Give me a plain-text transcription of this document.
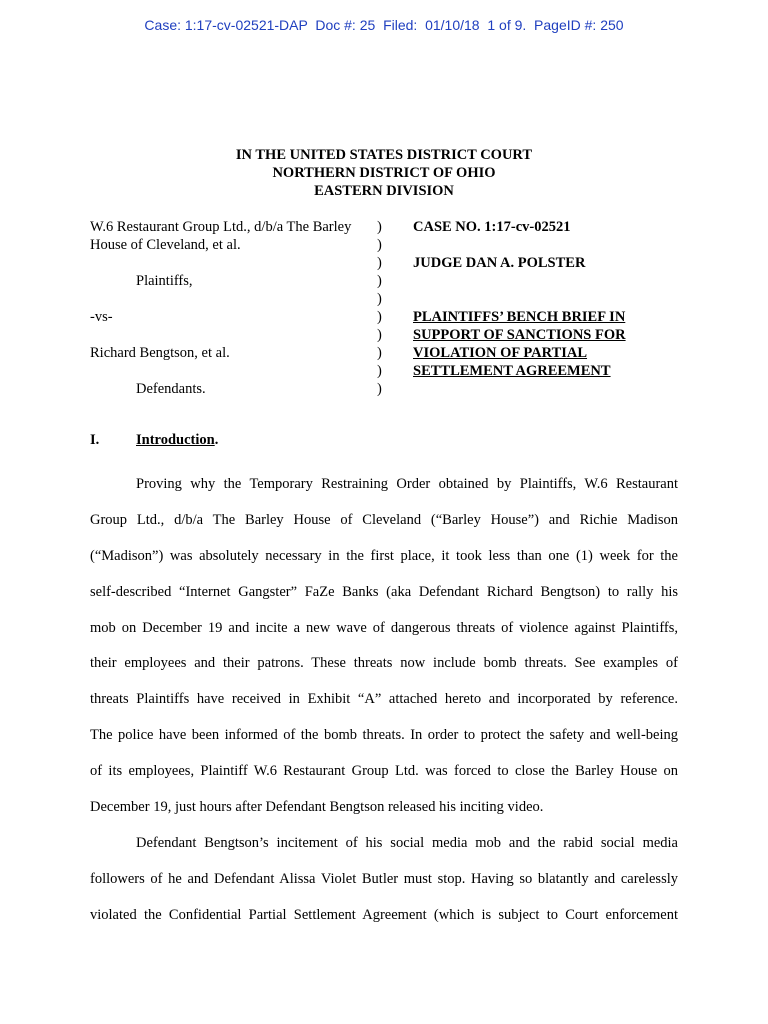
Case: 1:17-cv-02521-DAP  Doc #: 25  Filed:  01/10/18  1 of 9.  PageID #: 250
IN THE UNITED STATES DISTRICT COURT
NORTHERN DISTRICT OF OHIO
EASTERN DIVISION
W.6 Restaurant Group Ltd., d/b/a The Barley
House of Cleveland, et al.
Plaintiffs,
-vs-
Richard Bengtson, et al.
Defendants.
)
)
)
)
)
)
)
)
)
)
CASE NO. 1:17-cv-02521
JUDGE DAN A. POLSTER
PLAINTIFFS’ BENCH BRIEF IN
SUPPORT OF SANCTIONS FOR
VIOLATION OF PARTIAL
SETTLEMENT AGREEMENT
I.	Introduction.
Proving why the Temporary Restraining Order obtained by Plaintiffs, W.6 Restaurant
Group Ltd., d/b/a The Barley House of Cleveland (“Barley House”) and Richie Madison
(“Madison”) was absolutely necessary in the first place, it took less than one (1) week for the
self-described “Internet Gangster” FaZe Banks (aka Defendant Richard Bengtson) to rally his
mob on December 19 and incite a new wave of dangerous threats of violence against Plaintiffs,
their employees and their patrons. These threats now include bomb threats. See examples of
threats Plaintiffs have received in Exhibit “A” attached hereto and incorporated by reference.
The police have been informed of the bomb threats. In order to protect the safety and well-being
of its employees, Plaintiff W.6 Restaurant Group Ltd. was forced to close the Barley House on
December 19, just hours after Defendant Bengtson released his inciting video.
Defendant Bengtson’s incitement of his social media mob and the rabid social media
followers of he and Defendant Alissa Violet Butler must stop. Having so blatantly and carelessly
violated the Confidential Partial Settlement Agreement (which is subject to Court enforcement
